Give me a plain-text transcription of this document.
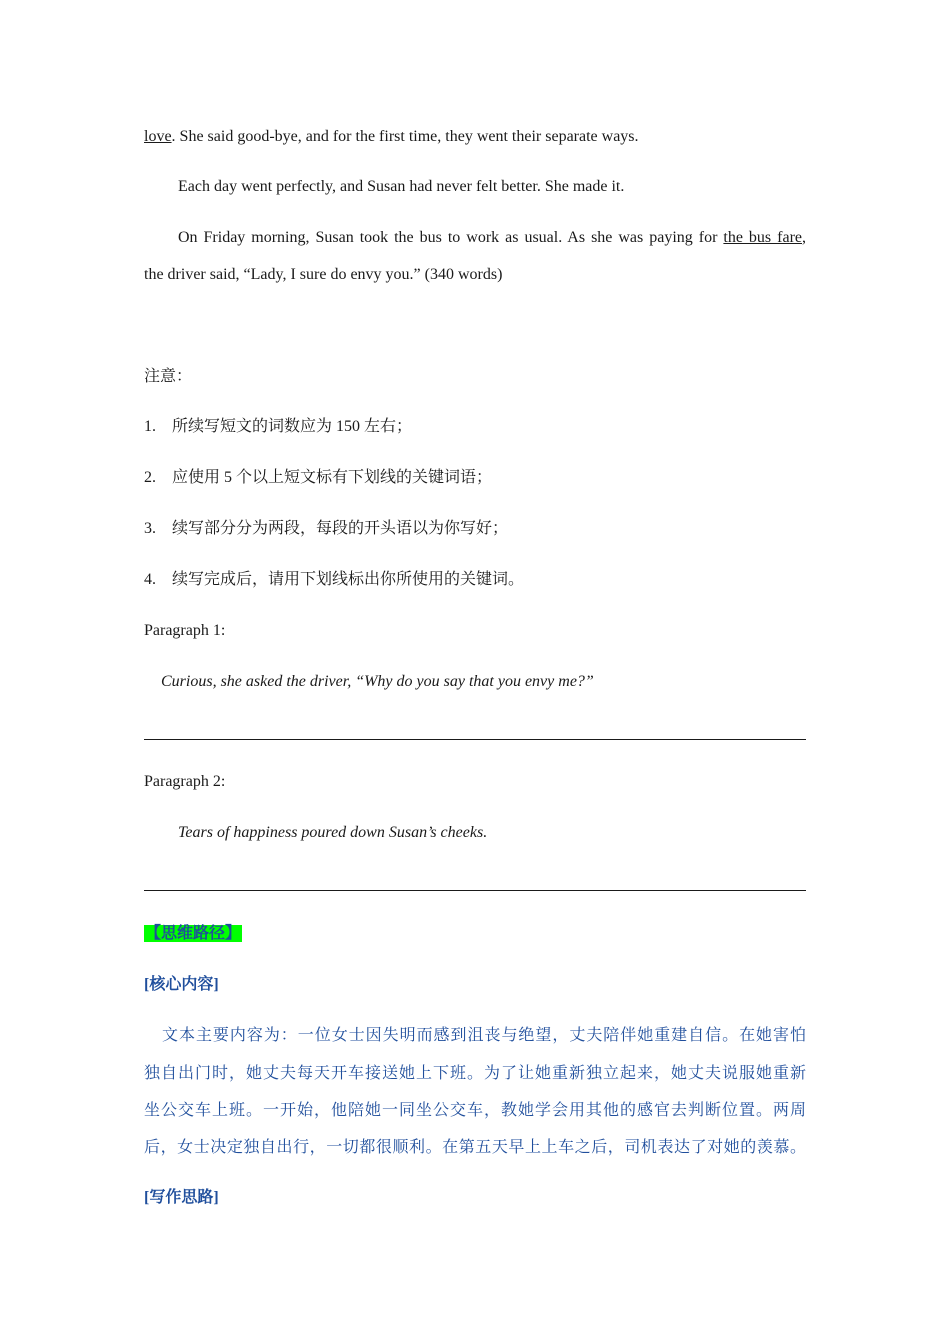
love. She said good-bye, and for the first time, they went their separate ways.
Each day went perfectly, and Susan had never felt better. She made it.
On Friday morning, Susan took the bus to work as usual. As she was paying for the bus fare,
the driver said, “Lady, I sure do envy you.” (340 words)
注意：
1. 所续写短文的词数应为 150 左右；
2. 应使用 5 个以上短文标有下划线的关键词语；
3. 续写部分分为两段，每段的开头语以为你写好；
4. 续写完成后，请用下划线标出你所使用的关键词。
Paragraph 1:
Curious, she asked the driver, “Why do you say that you envy me?”
Paragraph 2:
Tears of happiness poured down Susan’s cheeks.
【思维路径】
[核心内容]
文本主要内容为：一位女士因失明而感到沮丧与绝望，丈夫陪伴她重建自信。在她害怕
独自出门时，她丈夫每天开车接送她上下班。为了让她重新独立起来，她丈夫说服她重新
坐公交车上班。一开始，他陪她一同坐公交车，教她学会用其他的感官去判断位置。两周
后，女士决定独自出行，一切都很顺利。在第五天早上上车之后，司机表达了对她的羡慕。
[写作思路]
